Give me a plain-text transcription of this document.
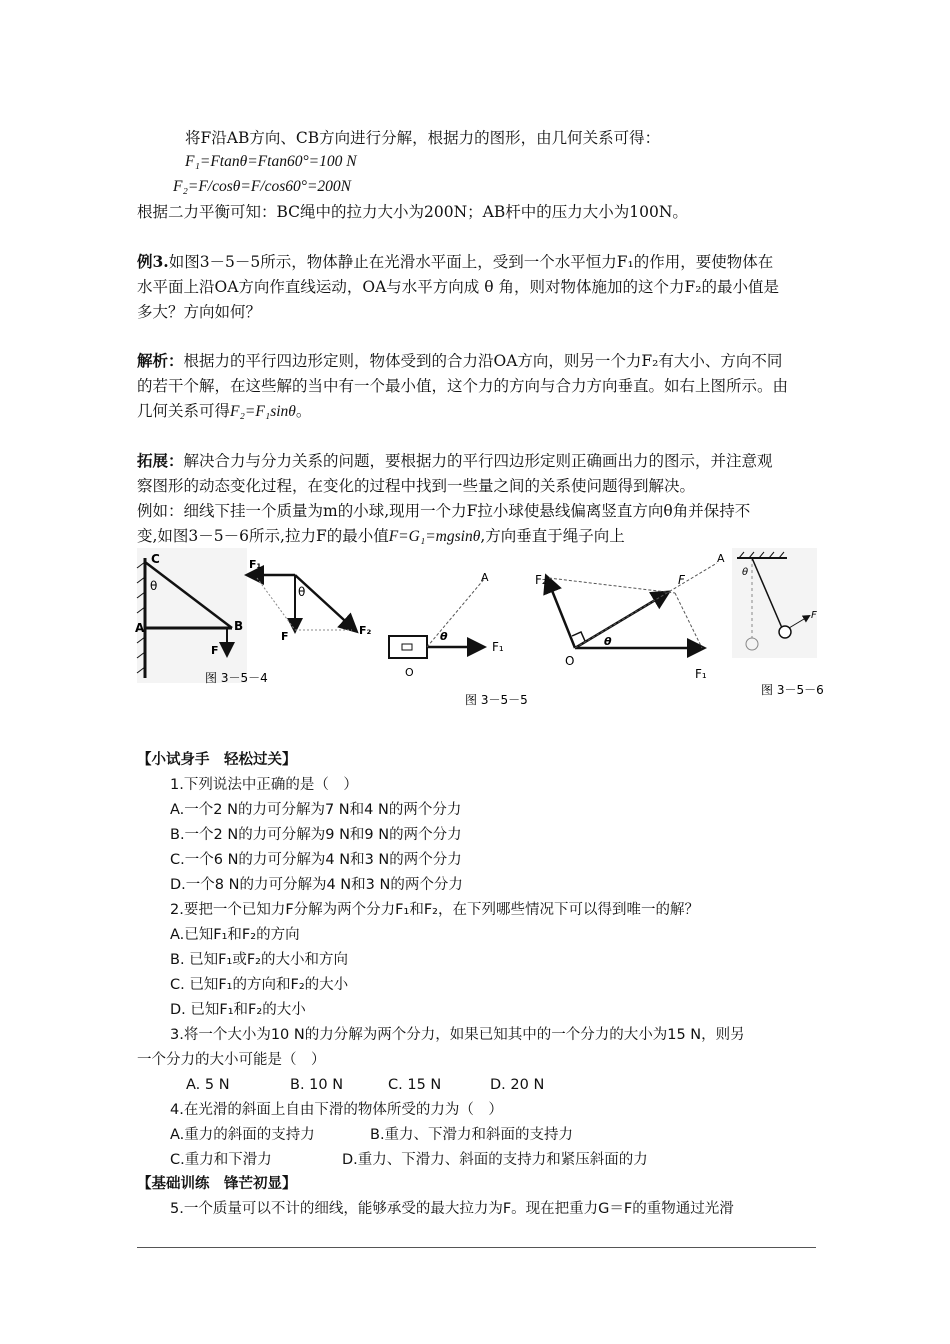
将F沿AB方向、CB方向进行分解，根据力的图形，由几何关系可得：
F₁=Ftanθ=Ftan60°=100 N
F₂=F/cosθ=F/cos60°=200N
根据二力平衡可知：BC绳中的拉力大小为200N；AB杆中的压力大小为100N。
例3.如图3－5－5所示，物体静止在光滑水平面上，受到一个水平恒力F₁的作用，要使物体在
水平面上沿OA方向作直线运动，OA与水平方向成 θ 角，则对物体施加的这个力F₂的最小值是
多大？方向如何？
解析：根据力的平行四边形定则，物体受到的合力沿OA方向，则另一个力F₂有大小、方向不同
的若干个解，在这些解的当中有一个最小值，这个力的方向与合力方向垂直。如右上图所示。由
几何关系可得F₂=F₁sinθ。
拓展：解决合力与分力关系的问题，要根据力的平行四边形定则正确画出力的图示，并注意观
察图形的动态变化过程，在变化的过程中找到一些量之间的关系使问题得到解决。
例如：细线下挂一个质量为m的小球,现用一个力F拉小球使悬线偏离竖直方向θ角并保持不
变,如图3－5－6所示,拉力F的最小值F=G₁=mgsinθ,方向垂直于绳子向上
C
θ
A	B
F
F₁
θ
F	F₂
图 3－5－4
A
θ
F₁
O
F₂	F
A
θ
O
F₁
图 3－5－5
θ
F
图 3－5－6
【小试身手　轻松过关】
1.下列说法中正确的是（　）
A.一个2 N的力可分解为7 N和4 N的两个分力
B.一个2 N的力可分解为9 N和9 N的两个分力
C.一个6 N的力可分解为4 N和3 N的两个分力
D.一个8 N的力可分解为4 N和3 N的两个分力
2.要把一个已知力F分解为两个分力F₁和F₂，在下列哪些情况下可以得到唯一的解？
A.已知F₁和F₂的方向
B. 已知F₁或F₂的大小和方向
C. 已知F₁的方向和F₂的大小
D. 已知F₁和F₂的大小
3.将一个大小为10 N的力分解为两个分力，如果已知其中的一个分力的大小为15 N，则另
一个分力的大小可能是（　）
A. 5 N	B. 10 N	C. 15 N	D. 20 N
4.在光滑的斜面上自由下滑的物体所受的力为（　）
A.重力的斜面的支持力	B.重力、下滑力和斜面的支持力
C.重力和下滑力	D.重力、下滑力、斜面的支持力和紧压斜面的力
【基础训练　锋芒初显】
5.一个质量可以不计的细线，能够承受的最大拉力为F。现在把重力G＝F的重物通过光滑
